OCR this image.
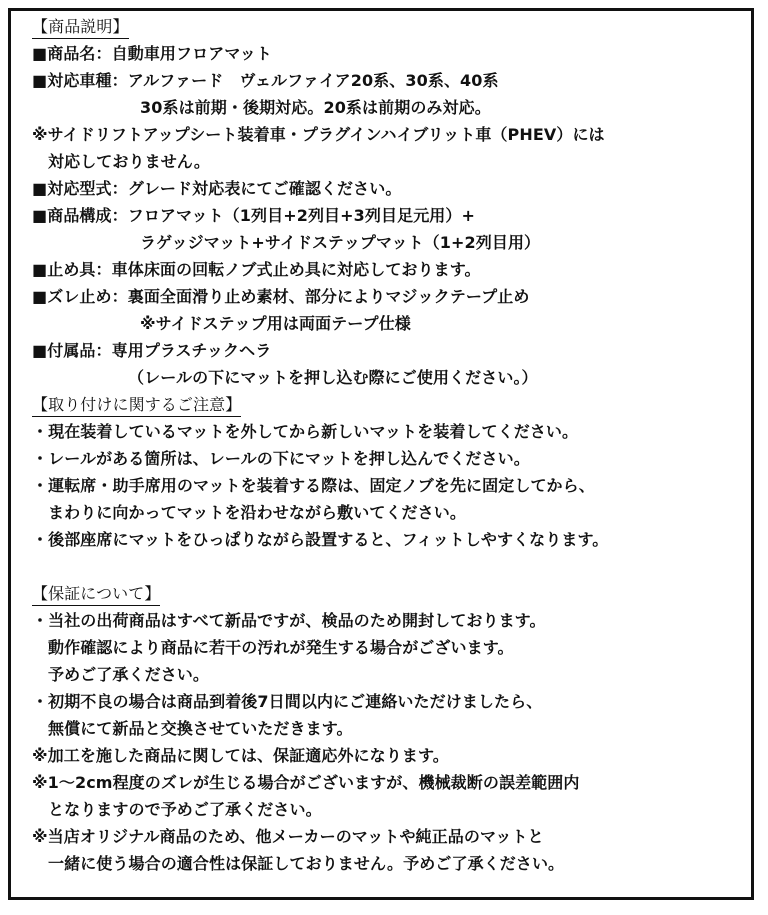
【商品説明】
■商品名：自動車用フロアマット
■対応車種：アルファード　ヴェルファイア20系、30系、40系
30系は前期・後期対応。20系は前期のみ対応。
※サイドリフトアップシート装着車・プラグインハイブリット車（PHEV）には
対応しておりません。
■対応型式：グレード対応表にてご確認ください。
■商品構成：フロアマット（1列目+2列目+3列目足元用）+
ラゲッジマット+サイドステップマット（1+2列目用）
■止め具：車体床面の回転ノブ式止め具に対応しております。
■ズレ止め：裏面全面滑り止め素材、部分によりマジックテープ止め
※サイドステップ用は両面テープ仕様
■付属品：専用プラスチックヘラ
（レールの下にマットを押し込む際にご使用ください。）
【取り付けに関するご注意】
・現在装着しているマットを外してから新しいマットを装着してください。
・レールがある箇所は、レールの下にマットを押し込んでください。
・運転席・助手席用のマットを装着する際は、固定ノブを先に固定してから、
まわりに向かってマットを沿わせながら敷いてください。
・後部座席にマットをひっぱりながら設置すると、フィットしやすくなります。
【保証について】
・当社の出荷商品はすべて新品ですが、検品のため開封しております。
動作確認により商品に若干の汚れが発生する場合がございます。
予めご了承ください。
・初期不良の場合は商品到着後7日間以内にご連絡いただけましたら、
無償にて新品と交換させていただきます。
※加工を施した商品に関しては、保証適応外になります。
※1～2cm程度のズレが生じる場合がございますが、機械裁断の誤差範囲内
となりますので予めご了承ください。
※当店オリジナル商品のため、他メーカーのマットや純正品のマットと
一緒に使う場合の適合性は保証しておりません。予めご了承ください。
